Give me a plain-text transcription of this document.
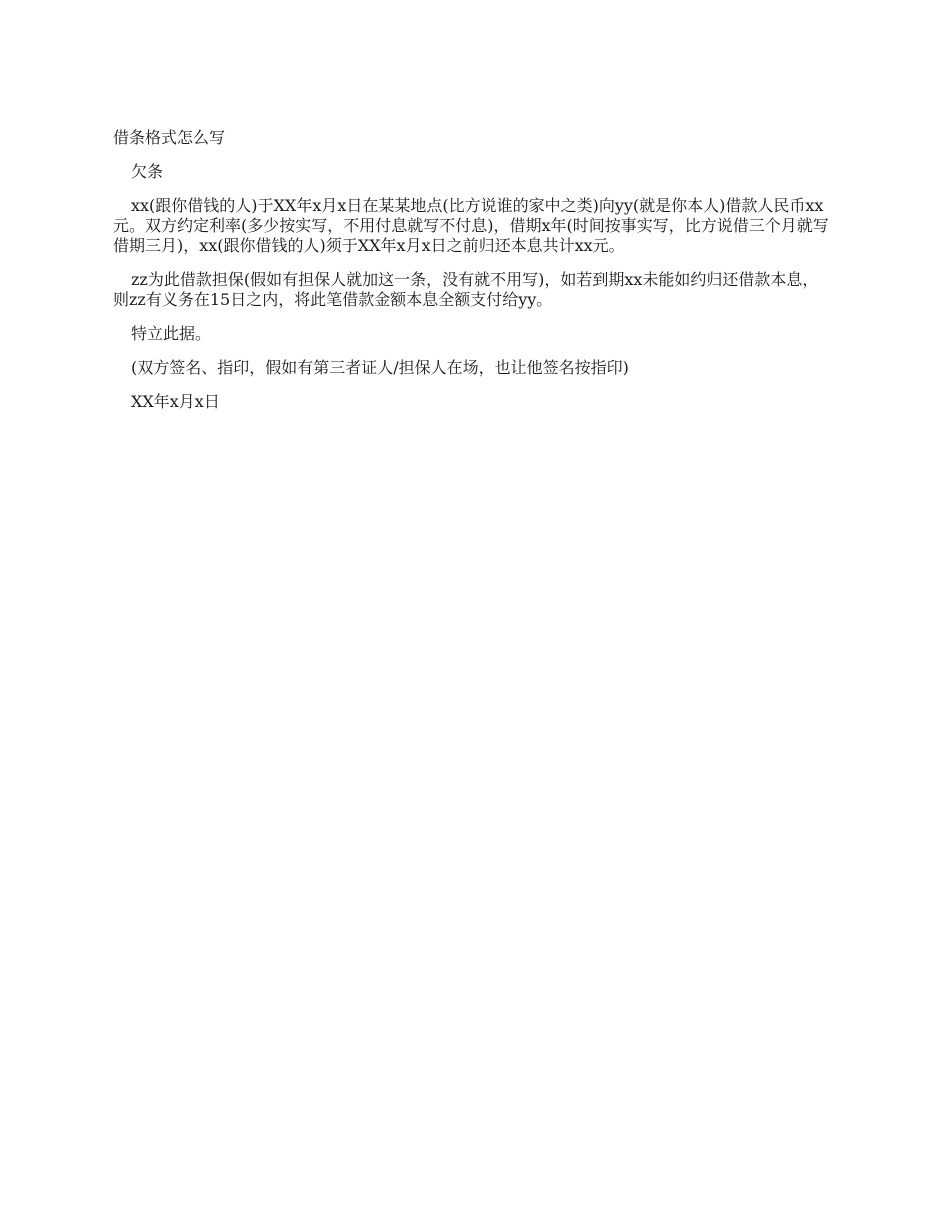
借条格式怎么写

欠条

xx(跟你借钱的人)于XX年x月x日在某某地点(比方说谁的家中之类)向yy(就是你本人)借款人民币xx元。双方约定利率(多少按实写，不用付息就写不付息)，借期x年(时间按事实写，比方说借三个月就写借期三月)，xx(跟你借钱的人)须于XX年x月x日之前归还本息共计xx元。

zz为此借款担保(假如有担保人就加这一条，没有就不用写)，如若到期xx未能如约归还借款本息，则zz有义务在15日之内，将此笔借款金额本息全额支付给yy。

特立此据。

(双方签名、指印，假如有第三者证人/担保人在场，也让他签名按指印)

XX年x月x日
